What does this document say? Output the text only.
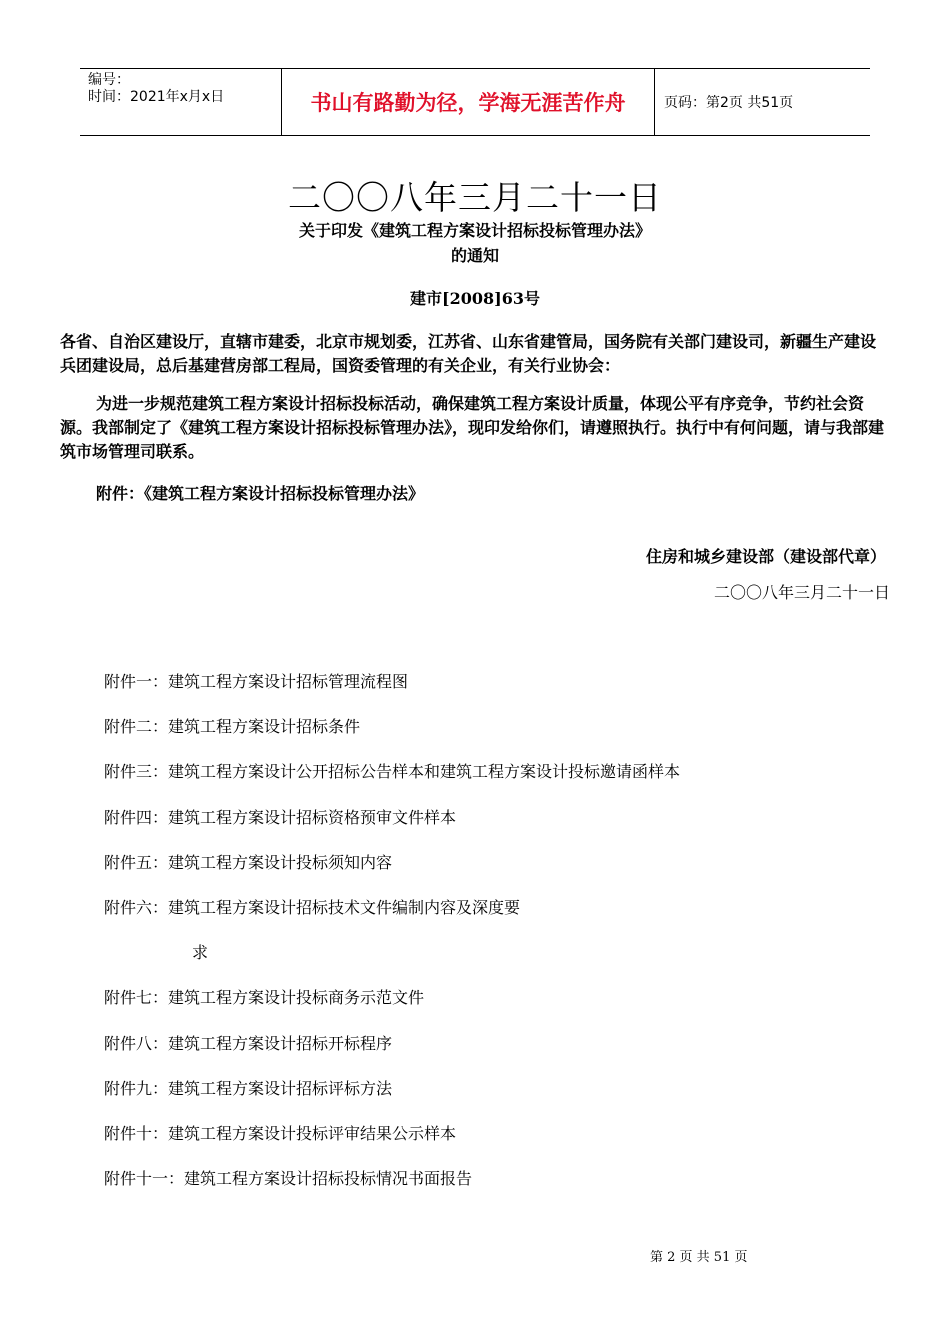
编号：
时间：2021年x月x日	书山有路勤为径，学海无涯苦作舟	页码：第2页 共51页
二〇〇八年三月二十一日
关于印发《建筑工程方案设计招标投标管理办法》
的通知
建市[2008]63号
各省、自治区建设厅，直辖市建委，北京市规划委，江苏省、山东省建管局，国务院有关部门建设司，新疆生产建设兵团建设局，总后基建营房部工程局，国资委管理的有关企业，有关行业协会：
为进一步规范建筑工程方案设计招标投标活动，确保建筑工程方案设计质量，体现公平有序竞争，节约社会资源。我部制定了《建筑工程方案设计招标投标管理办法》，现印发给你们，请遵照执行。执行中有何问题，请与我部建筑市场管理司联系。
附件：《建筑工程方案设计招标投标管理办法》
住房和城乡建设部（建设部代章）
二〇〇八年三月二十一日
附件一：建筑工程方案设计招标管理流程图
附件二：建筑工程方案设计招标条件
附件三：建筑工程方案设计公开招标公告样本和建筑工程方案设计投标邀请函样本
附件四：建筑工程方案设计招标资格预审文件样本
附件五：建筑工程方案设计投标须知内容
附件六：建筑工程方案设计招标技术文件编制内容及深度要
求
附件七：建筑工程方案设计投标商务示范文件
附件八：建筑工程方案设计招标开标程序
附件九：建筑工程方案设计招标评标方法
附件十：建筑工程方案设计投标评审结果公示样本
附件十一：建筑工程方案设计招标投标情况书面报告
第 2 页 共 51 页
